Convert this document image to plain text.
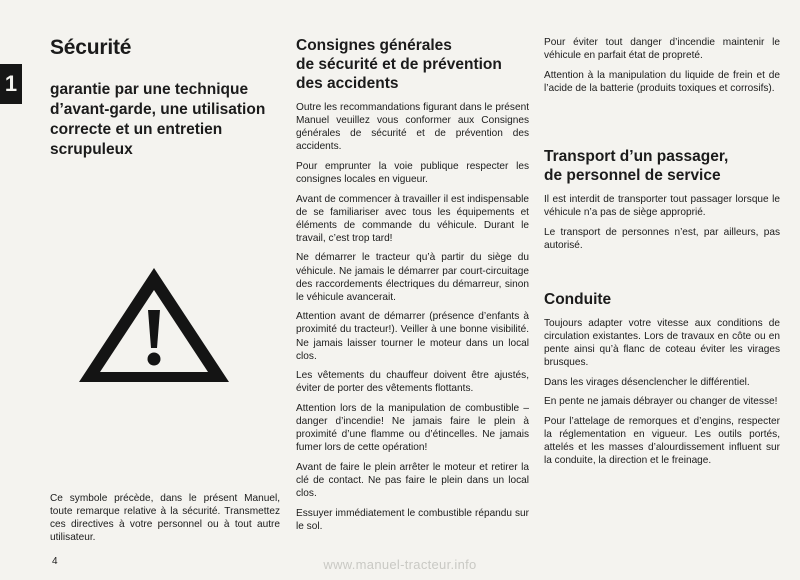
1
Sécurité
garantie par une technique
d’avant-garde, une utilisation
correcte et un entretien
scrupuleux

Ce symbole précède, dans le présent Manuel, toute remarque relative à la sécurité. Transmettez ces directives à votre personnel ou à tout autre utilisateur.

Consignes générales
de sécurité et de prévention
des accidents

Outre les recommandations figurant dans le présent Manuel veuillez vous conformer aux Consignes générales de sécurité et de prévention des accidents.

Pour emprunter la voie publique respecter les consignes locales en vigueur.

Avant de commencer à travailler il est indispensable de se familiariser avec tous les équipements et éléments de commande du véhicule. Durant le travail, c’est trop tard!

Ne démarrer le tracteur qu’à partir du siège du véhicule. Ne jamais le démarrer par court-circuitage des raccordements électriques du démarreur, sinon le véhicule avancerait.

Attention avant de démarrer (présence d’enfants à proximité du tracteur!). Veiller à une bonne visibilité. Ne jamais laisser tourner le moteur dans un local clos.

Les vêtements du chauffeur doivent être ajustés, éviter de porter des vêtements flottants.

Attention lors de la manipulation de combustible – danger d’incendie! Ne jamais faire le plein à proximité d’une flamme ou d’étincelles. Ne jamais fumer lors de cette opération!

Avant de faire le plein arrêter le moteur et retirer la clé de contact. Ne pas faire le plein dans un local clos.

Essuyer immédiatement le combustible répandu sur le sol.

Pour éviter tout danger d’incendie maintenir le véhicule en parfait état de propreté.

Attention à la manipulation du liquide de frein et de l’acide de la batterie (produits toxiques et corrosifs).

Transport d’un passager,
de personnel de service

Il est interdit de transporter tout passager lorsque le véhicule n’a pas de siège approprié.

Le transport de personnes n’est, par ailleurs, pas autorisé.

Conduite

Toujours adapter votre vitesse aux conditions de circulation existantes. Lors de travaux en côte ou en pente ainsi qu’à flanc de coteau éviter les virages brusques.

Dans les virages désenclencher le différentiel.

En pente ne jamais débrayer ou changer de vitesse!

Pour l’attelage de remorques et d’engins, respecter la réglementation en vigueur. Les outils portés, attelés et les masses d’alourdissement influent sur la conduite, la direction et le freinage.

4	www.manuel-tracteur.info
